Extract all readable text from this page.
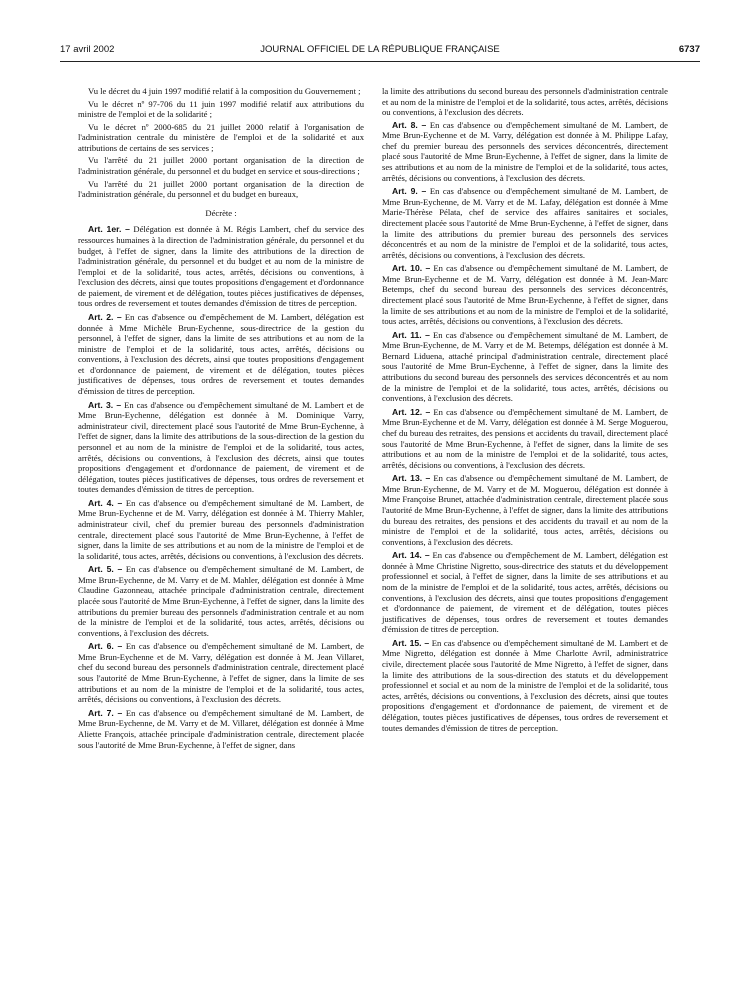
17 avril 2002	JOURNAL OFFICIEL DE LA RÉPUBLIQUE FRANÇAISE	6737

Vu le décret du 4 juin 1997 modifié relatif à la composition du Gouvernement ;

Vu le décret nº 97-706 du 11 juin 1997 modifié relatif aux attributions du ministre de l'emploi et de la solidarité ;

Vu le décret nº 2000-685 du 21 juillet 2000 relatif à l'organisation de l'administration centrale du ministère de l'emploi et de la solidarité et aux attributions de certains de ses services ;

Vu l'arrêté du 21 juillet 2000 portant organisation de la direction de l'administration générale, du personnel et du budget en service et sous-directions ;

Vu l'arrêté du 21 juillet 2000 portant organisation de la direction de l'administration générale, du personnel et du budget en bureaux,

Décrète :

Art. 1er. – Délégation est donnée à M. Régis Lambert, chef du service des ressources humaines à la direction de l'administration générale, du personnel et du budget, à l'effet de signer, dans la limite des attributions de la direction de l'administration générale, du personnel et du budget et au nom de la ministre de l'emploi et de la solidarité, tous actes, arrêtés, décisions ou conventions, à l'exclusion des décrets, ainsi que toutes propositions d'engagement et d'ordonnance de paiement, de virement et de délégation, toutes pièces justificatives de dépenses, tous ordres de reversement et toutes demandes d'émission de titres de perception.

Art. 2. – En cas d'absence ou d'empêchement de M. Lambert, délégation est donnée à Mme Michèle Brun-Eychenne, sous-directrice de la gestion du personnel, à l'effet de signer, dans la limite de ses attributions et au nom de la ministre de l'emploi et de la solidarité, tous actes, arrêtés, décisions ou conventions, à l'exclusion des décrets, ainsi que toutes propositions d'engagement et d'ordonnance de paiement, de virement et de délégation, toutes pièces justificatives de dépenses, tous ordres de reversement et toutes demandes d'émission de titres de perception.

Art. 3. – En cas d'absence ou d'empêchement simultané de M. Lambert et de Mme Brun-Eychenne, délégation est donnée à M. Dominique Varry, administrateur civil, directement placé sous l'autorité de Mme Brun-Eychenne, à l'effet de signer, dans la limite des attributions de la sous-direction de la gestion du personnel et au nom de la ministre de l'emploi et de la solidarité, tous actes, arrêtés, décisions ou conventions, à l'exclusion des décrets, ainsi que toutes propositions d'engagement et d'ordonnance de paiement, de virement et de délégation, toutes pièces justificatives de dépenses, tous ordres de reversement et toutes demandes d'émission de titres de perception.

Art. 4. – En cas d'absence ou d'empêchement simultané de M. Lambert, de Mme Brun-Eychenne et de M. Varry, délégation est donnée à M. Thierry Mahler, administrateur civil, chef du premier bureau des personnels d'administration centrale, directement placé sous l'autorité de Mme Brun-Eychenne, à l'effet de signer, dans la limite de ses attributions et au nom de la ministre de l'emploi et de la solidarité, tous actes, arrêtés, décisions ou conventions, à l'exclusion des décrets.

Art. 5. – En cas d'absence ou d'empêchement simultané de M. Lambert, de Mme Brun-Eychenne, de M. Varry et de M. Mahler, délégation est donnée à Mme Claudine Gazonneau, attachée principale d'administration centrale, directement placée sous l'autorité de Mme Brun-Eychenne, à l'effet de signer, dans la limite des attributions du premier bureau des personnels d'administration centrale et au nom de la ministre de l'emploi et de la solidarité, tous actes, arrêtés, décisions ou conventions, à l'exclusion des décrets.

Art. 6. – En cas d'absence ou d'empêchement simultané de M. Lambert, de Mme Brun-Eychenne et de M. Varry, délégation est donnée à M. Jean Villaret, chef du second bureau des personnels d'administration centrale, directement placé sous l'autorité de Mme Brun-Eychenne, à l'effet de signer, dans la limite de ses attributions et au nom de la ministre de l'emploi et de la solidarité, tous actes, arrêtés, décisions ou conventions, à l'exclusion des décrets.

Art. 7. – En cas d'absence ou d'empêchement simultané de M. Lambert, de Mme Brun-Eychenne, de M. Varry et de M. Villaret, délégation est donnée à Mme Aliette François, attachée principale d'administration centrale, directement placée sous l'autorité de Mme Brun-Eychenne, à l'effet de signer, dans

la limite des attributions du second bureau des personnels d'administration centrale et au nom de la ministre de l'emploi et de la solidarité, tous actes, arrêtés, décisions ou conventions, à l'exclusion des décrets.

Art. 8. – En cas d'absence ou d'empêchement simultané de M. Lambert, de Mme Brun-Eychenne et de M. Varry, délégation est donnée à M. Philippe Lafay, chef du premier bureau des personnels des services déconcentrés, directement placé sous l'autorité de Mme Brun-Eychenne, à l'effet de signer, dans la limite de ses attributions et au nom de la ministre de l'emploi et de la solidarité, tous actes, arrêtés, décisions ou conventions, à l'exclusion des décrets.

Art. 9. – En cas d'absence ou d'empêchement simultané de M. Lambert, de Mme Brun-Eychenne, de M. Varry et de M. Lafay, délégation est donnée à Mme Marie-Thérèse Pélata, chef de service des affaires sanitaires et sociales, directement placée sous l'autorité de Mme Brun-Eychenne, à l'effet de signer, dans la limite des attributions du premier bureau des personnels des services déconcentrés et au nom de la ministre de l'emploi et de la solidarité, tous actes, arrêtés, décisions ou conventions, à l'exclusion des décrets.

Art. 10. – En cas d'absence ou d'empêchement simultané de M. Lambert, de Mme Brun-Eychenne et de M. Varry, délégation est donnée à M. Jean-Marc Betemps, chef du second bureau des personnels des services déconcentrés, directement placé sous l'autorité de Mme Brun-Eychenne, à l'effet de signer, dans la limite de ses attributions et au nom de la ministre de l'emploi et de la solidarité, tous actes, arrêtés, décisions ou conventions, à l'exclusion des décrets.

Art. 11. – En cas d'absence ou d'empêchement simultané de M. Lambert, de Mme Brun-Eychenne, de M. Varry et de M. Betemps, délégation est donnée à M. Bernard Liduena, attaché principal d'administration centrale, directement placé sous l'autorité de Mme Brun-Eychenne, à l'effet de signer, dans la limite des attributions du second bureau des personnels des services déconcentrés et au nom de la ministre de l'emploi et de la solidarité, tous actes, arrêtés, décisions ou conventions, à l'exclusion des décrets.

Art. 12. – En cas d'absence ou d'empêchement simultané de M. Lambert, de Mme Brun-Eychenne et de M. Varry, délégation est donnée à M. Serge Moguerou, chef du bureau des retraites, des pensions et accidents du travail, directement placé sous l'autorité de Mme Brun-Eychenne, à l'effet de signer, dans la limite de ses attributions et au nom de la ministre de l'emploi et de la solidarité, tous actes, arrêtés, décisions ou conventions, à l'exclusion des décrets.

Art. 13. – En cas d'absence ou d'empêchement simultané de M. Lambert, de Mme Brun-Eychenne, de M. Varry et de M. Moguerou, délégation est donnée à Mme Françoise Brunet, attachée d'administration centrale, directement placée sous l'autorité de Mme Brun-Eychenne, à l'effet de signer, dans la limite des attributions du bureau des retraites, des pensions et des accidents du travail et au nom de la ministre de l'emploi et de la solidarité, tous actes, arrêtés, décisions ou conventions, à l'exclusion des décrets.

Art. 14. – En cas d'absence ou d'empêchement de M. Lambert, délégation est donnée à Mme Christine Nigretto, sous-directrice des statuts et du développement professionnel et social, à l'effet de signer, dans la limite de ses attributions et au nom de la ministre de l'emploi et de la solidarité, tous actes, arrêtés, décisions ou conventions, à l'exclusion des décrets, ainsi que toutes propositions d'engagement et d'ordonnance de paiement, de virement et de délégation, toutes pièces justificatives de dépenses, tous ordres de reversement et toutes demandes d'émission de titres de perception.

Art. 15. – En cas d'absence ou d'empêchement simultané de M. Lambert et de Mme Nigretto, délégation est donnée à Mme Charlotte Avril, administratrice civile, directement placée sous l'autorité de Mme Nigretto, à l'effet de signer, dans la limite des attributions de la sous-direction des statuts et du développement professionnel et social et au nom de la ministre de l'emploi et de la solidarité, tous actes, arrêtés, décisions ou conventions, à l'exclusion des décrets, ainsi que toutes propositions d'engagement et d'ordonnance de paiement, de virement et de délégation, toutes pièces justificatives de dépenses, tous ordres de reversement et toutes demandes d'émission de titres de perception.
